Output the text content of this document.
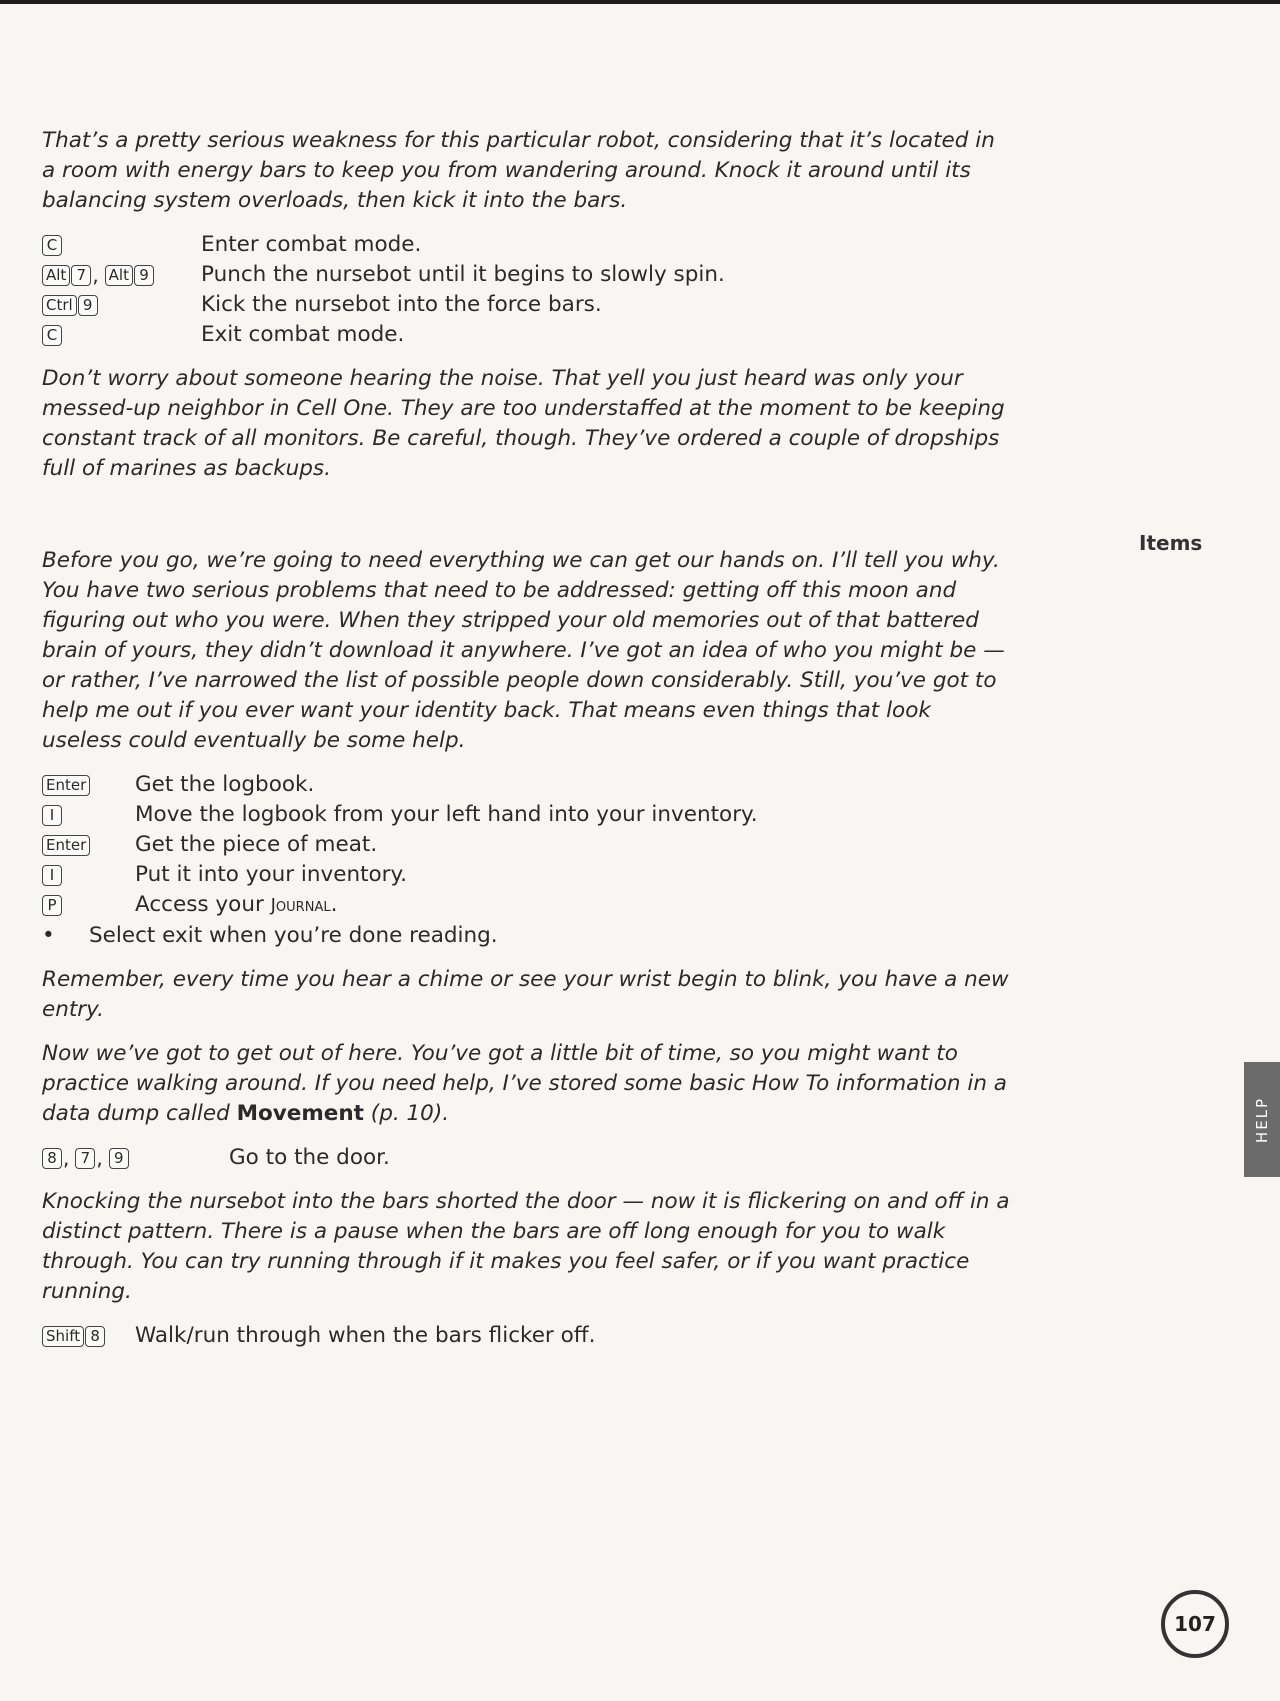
That’s a pretty serious weakness for this particular robot, considering that it’s located in a room with energy bars to keep you from wandering around. Knock it around until its balancing system overloads, then kick it into the bars.

C	Enter combat mode.
Alt 7 , Alt 9 Punch the nursebot until it begins to slowly spin.
Ctrl 9	Kick the nursebot into the force bars.
C	Exit combat mode.

Don’t worry about someone hearing the noise. That yell you just heard was only your messed-up neighbor in Cell One. They are too understaffed at the moment to be keeping constant track of all monitors. Be careful, though. They’ve ordered a couple of dropships full of marines as backups.

Before you go, we’re going to need everything we can get our hands on. I’ll tell you why. You have two serious problems that need to be addressed: getting off this moon and figuring out who you were. When they stripped your old memories out of that battered brain of yours, they didn’t download it anywhere. I’ve got an idea of who you might be — or rather, I’ve narrowed the list of possible people down considerably. Still, you’ve got to help me out if you ever want your identity back. That means even things that look useless could eventually be some help.

Enter Get the logbook.
I	Move the logbook from your left hand into your inventory.
Enter Get the piece of meat.
I	Put it into your inventory.
P	Access your Journal.
• Select exit when you’re done reading.

Remember, every time you hear a chime or see your wrist begin to blink, you have a new entry.

Now we’ve got to get out of here. You’ve got a little bit of time, so you might want to practice walking around. If you need help, I’ve stored some basic How To information in a data dump called Movement (p. 10).

8 , 7 , 9	Go to the door.

Knocking the nursebot into the bars shorted the door — now it is flickering on and off in a distinct pattern. There is a pause when the bars are off long enough for you to walk through. You can try running through if it makes you feel safer, or if you want practice running.

Shift 8 Walk/run through when the bars flicker off.
Items
HELP
107
